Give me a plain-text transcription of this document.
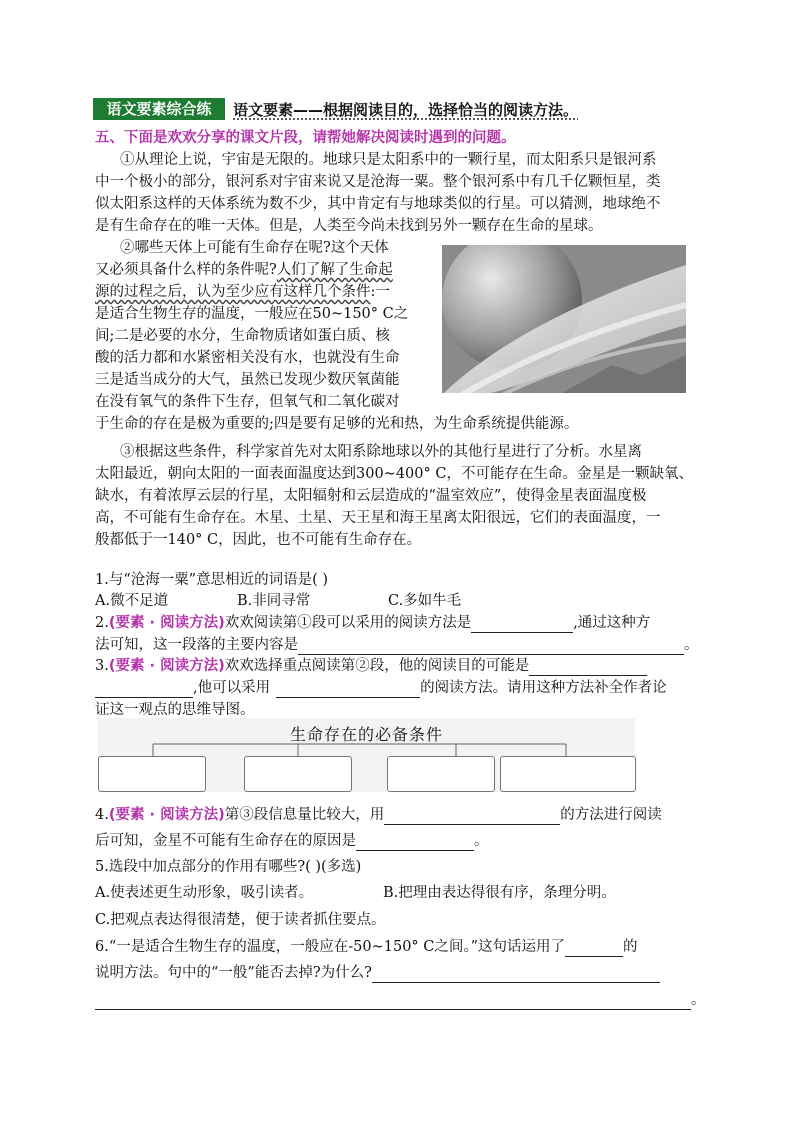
语文要素综合练	语文要素——根据阅读目的，选择恰当的阅读方法。
五、下面是欢欢分享的课文片段，请帮她解决阅读时遇到的问题。
①从理论上说，宇宙是无限的。地球只是太阳系中的一颗行星，而太阳系只是银河系
中一个极小的部分，银河系对宇宙来说又是沧海一粟。整个银河系中有几千亿颗恒星，类
似太阳系这样的天体系统为数不少，其中肯定有与地球类似的行星。可以猜测，地球绝不
是有生命存在的唯一天体。但是，人类至今尚未找到另外一颗存在生命的星球。
②哪些天体上可能有生命存在呢?这个天体
又必须具备什么样的条件呢?人们了解了生命起
源的过程之后，认为至少应有这样几个条件:一
是适合生物生存的温度，一般应在50~150° C之
间;二是必要的水分，生命物质诸如蛋白质、核
酸的活力都和水紧密相关没有水，也就没有生命
三是适当成分的大气，虽然已发现少数厌氧菌能
在没有氧气的条件下生存，但氧气和二氧化碳对
于生命的存在是极为重要的;四是要有足够的光和热，为生命系统提供能源。
③根据这些条件，科学家首先对太阳系除地球以外的其他行星进行了分析。水星离
太阳最近，朝向太阳的一面表面温度达到300~400° C，不可能存在生命。金星是一颗缺氧、
缺水，有着浓厚云层的行星，太阳辐射和云层造成的“温室效应”，使得金星表面温度极
高，不可能有生命存在。木星、土星、天王星和海王星离太阳很远，它们的表面温度，一
般都低于一140° C，因此，也不可能有生命存在。
1.与“沧海一粟”意思相近的词语是( )
A.微不足道	B.非同寻常	C.多如牛毛
2.(要素 · 阅读方法)欢欢阅读第①段可以采用的阅读方法是	,通过这种方
法可知，这一段落的主要内容是	。
3.(要素 · 阅读方法)欢欢选择重点阅读第②段，他的阅读目的可能是
,他可以采用	的阅读方法。请用这种方法补全作者论
证这一观点的思维导图。
生命存在的必备条件
4.(要素 · 阅读方法)第③段信息量比较大，用	的方法进行阅读
后可知，金星不可能有生命存在的原因是	。
5.选段中加点部分的作用有哪些?( )(多选)
A.使表述更生动形象，吸引读者。	B.把理由表达得很有序，条理分明。
C.把观点表达得很清楚，便于读者抓住要点。
6.“一是适合生物生存的温度，一般应在-50~150° C之间。”这句话运用了	的
说明方法。句中的“一般”能否去掉?为什么?
。
